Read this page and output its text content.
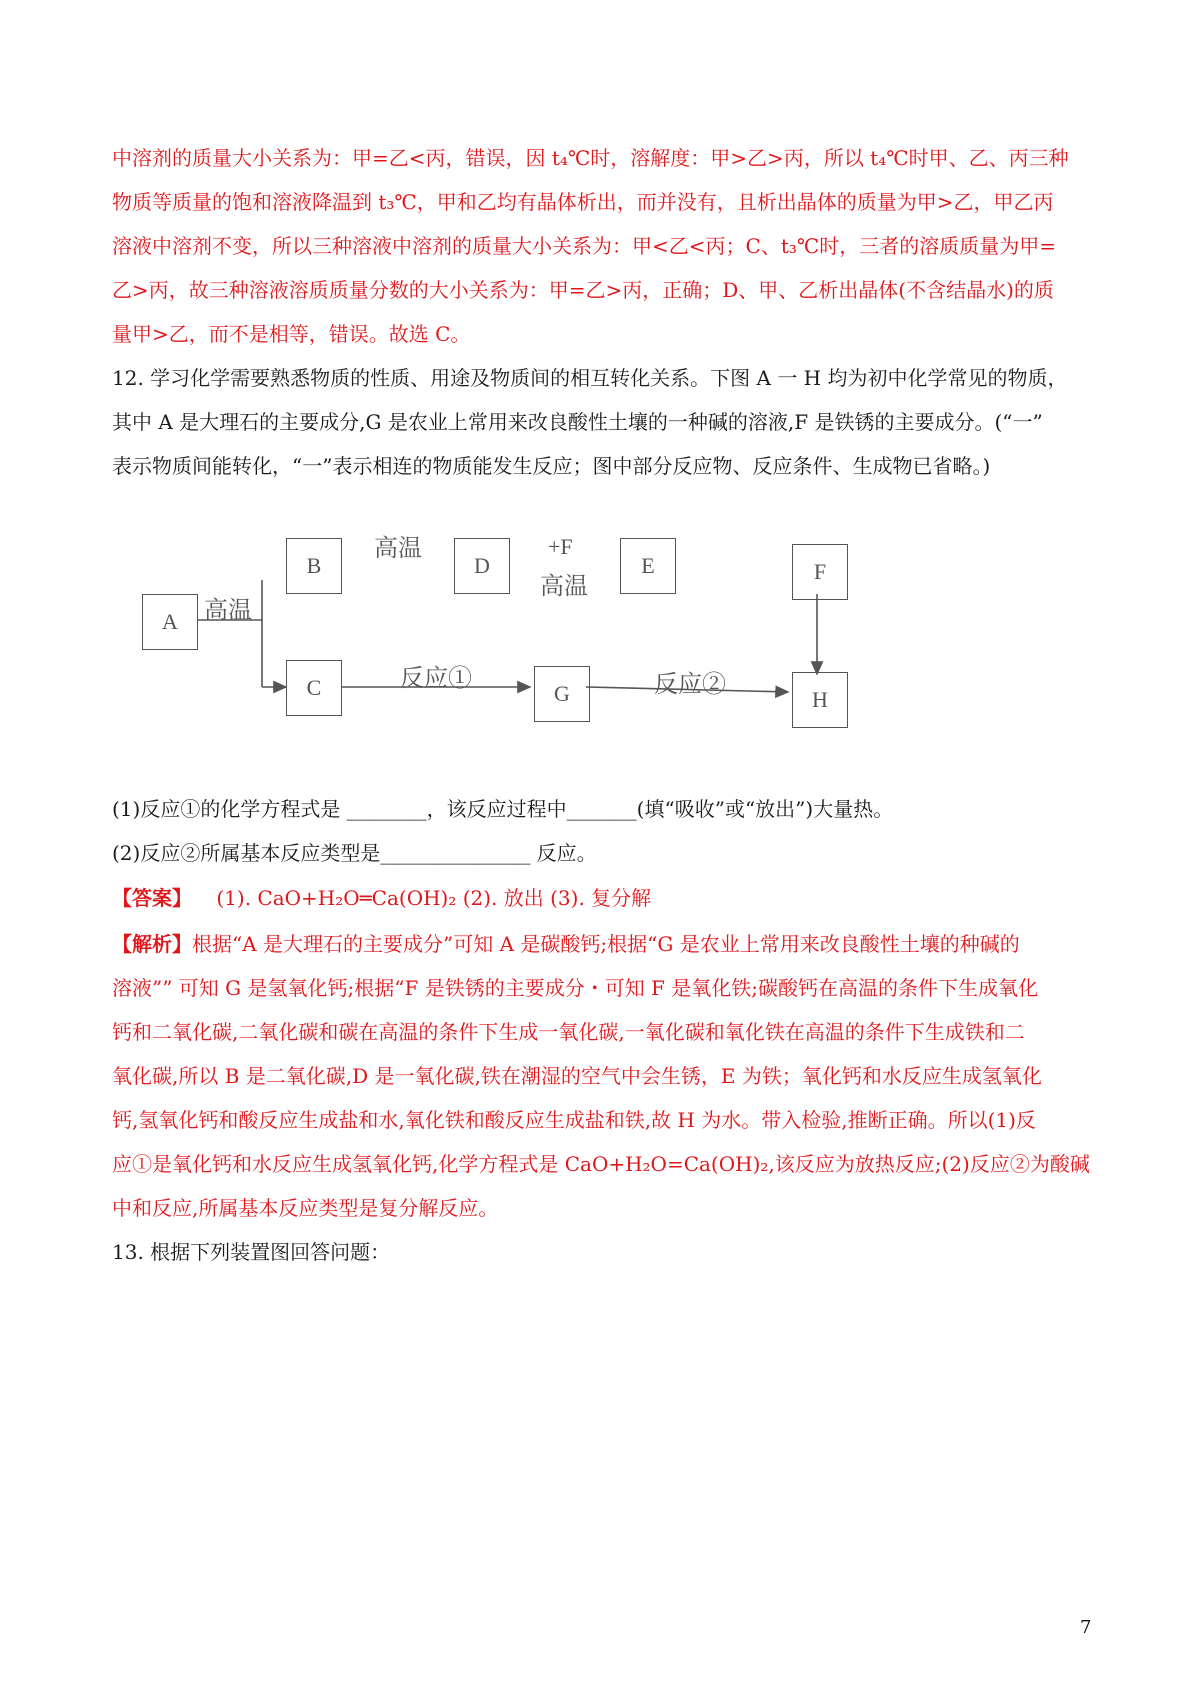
中溶剂的质量大小关系为：甲=乙<丙，错误，因 t₄℃时，溶解度：甲>乙>丙，所以 t₄℃时甲、乙、丙三种
物质等质量的饱和溶液降温到 t₃℃，甲和乙均有晶体析出，而并没有，且析出晶体的质量为甲>乙，甲乙丙
溶液中溶剂不变，所以三种溶液中溶剂的质量大小关系为：甲<乙<丙；C、t₃℃时，三者的溶质质量为甲=
乙>丙，故三种溶液溶质质量分数的大小关系为：甲=乙>丙，正确；D、甲、乙析出晶体(不含结晶水)的质
量甲>乙，而不是相等，错误。故选 C。
12. 学习化学需要熟悉物质的性质、用途及物质间的相互转化关系。下图 A 一 H 均为初中化学常见的物质，
其中 A 是大理石的主要成分,G 是农业上常用来改良酸性土壤的一种碱的溶液,F 是铁锈的主要成分。(“一”
表示物质间能转化，“一”表示相连的物质能发生反应；图中部分反应物、反应条件、生成物已省略。)
A
B
C
D	E	F
G	H
高温
高温	+F
高温
反应①	反应②
(1)反应①的化学方程式是 ________，该反应过程中_______(填“吸收”或“放出”)大量热。
(2)反应②所属基本反应类型是_______________ 反应。
【答案】 (1). CaO+H₂O═Ca(OH)₂ (2). 放出 (3). 复分解
【解析】根据“A 是大理石的主要成分”可知 A 是碳酸钙;根据“G 是农业上常用来改良酸性土壤的种碱的
溶液”” 可知 G 是氢氧化钙;根据“F 是铁锈的主要成分・可知 F 是氧化铁;碳酸钙在高温的条件下生成氧化
钙和二氧化碳,二氧化碳和碳在高温的条件下生成一氧化碳,一氧化碳和氧化铁在高温的条件下生成铁和二
氧化碳,所以 B 是二氧化碳,D 是一氧化碳,铁在潮湿的空气中会生锈，E 为铁；氧化钙和水反应生成氢氧化
钙,氢氧化钙和酸反应生成盐和水,氧化铁和酸反应生成盐和铁,故 H 为水。带入检验,推断正确。所以(1)反
应①是氧化钙和水反应生成氢氧化钙,化学方程式是 CaO+H₂O=Ca(OH)₂,该反应为放热反应;(2)反应②为酸碱
中和反应,所属基本反应类型是复分解反应。
13. 根据下列装置图回答问题：
7
